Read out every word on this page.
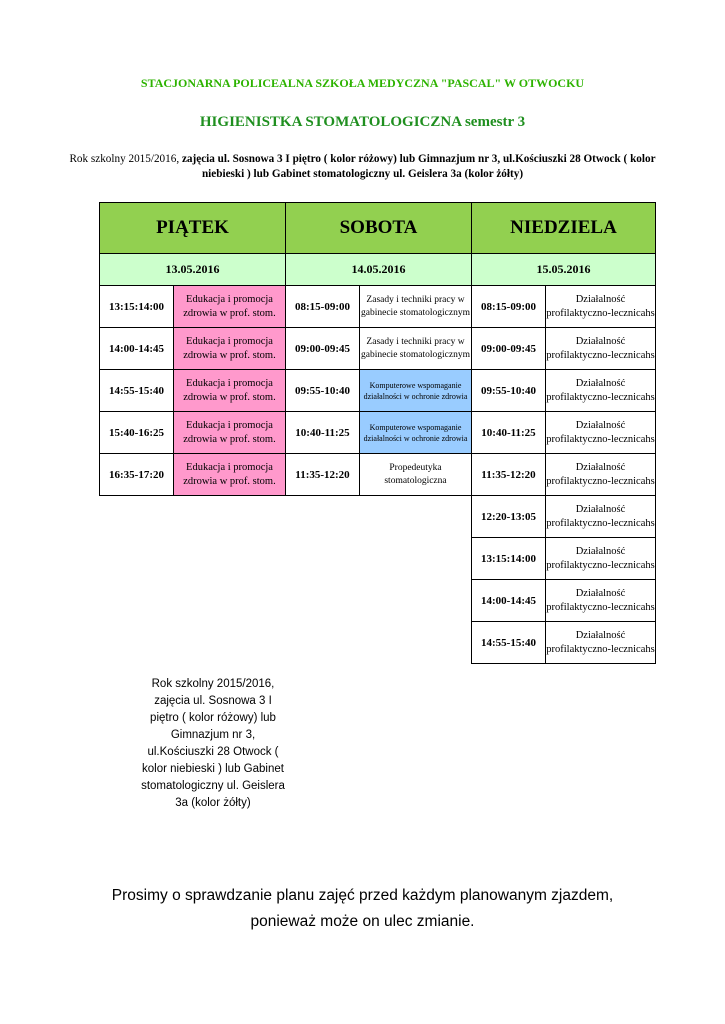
STACJONARNA POLICEALNA SZKOŁA MEDYCZNA "PASCAL" W OTWOCKU
HIGIENISTKA STOMATOLOGICZNA semestr 3
Rok szkolny 2015/2016, zajęcia ul. Sosnowa 3 I piętro ( kolor różowy) lub Gimnazjum nr 3, ul.Kościuszki 28 Otwock ( kolor niebieski ) lub Gabinet stomatologiczny ul. Geislera 3a (kolor żółty)
PIĄTEK		SOBOTA		NIEDZIELA	
13.05.2016		14.05.2016		15.05.2016	
13:15:14:00	Edukacja i promocja zdrowia w prof. stom.	08:15-09:00	Zasady i techniki pracy w gabinecie stomatologicznym	08:15-09:00	Działalność profilaktyczno-lecznicahs
14:00-14:45	Edukacja i promocja zdrowia w prof. stom.	09:00-09:45	Zasady i techniki pracy w gabinecie stomatologicznym	09:00-09:45	Działalność profilaktyczno-lecznicahs
14:55-15:40	Edukacja i promocja zdrowia w prof. stom.	09:55-10:40	Komputerowe wspomaganie działalności w ochronie zdrowia	09:55-10:40	Działalność profilaktyczno-lecznicahs
15:40-16:25	Edukacja i promocja zdrowia w prof. stom.	10:40-11:25	Komputerowe wspomaganie działalności w ochronie zdrowia	10:40-11:25	Działalność profilaktyczno-lecznicahs
16:35-17:20	Edukacja i promocja zdrowia w prof. stom.	11:35-12:20	Propedeutyka stomatologiczna	11:35-12:20	Działalność profilaktyczno-lecznicahs
				12:20-13:05	Działalność profilaktyczno-lecznicahs
				13:15:14:00	Działalność profilaktyczno-lecznicahs
				14:00-14:45	Działalność profilaktyczno-lecznicahs
				14:55-15:40	Działalność profilaktyczno-lecznicahs
Rok szkolny 2015/2016, zajęcia ul. Sosnowa 3 I piętro ( kolor różowy) lub Gimnazjum nr 3, ul.Kościuszki 28 Otwock ( kolor niebieski ) lub Gabinet stomatologiczny ul. Geislera 3a (kolor żółty)
Prosimy o sprawdzanie planu zajęć przed każdym planowanym zjazdem,
ponieważ może on ulec zmianie.
